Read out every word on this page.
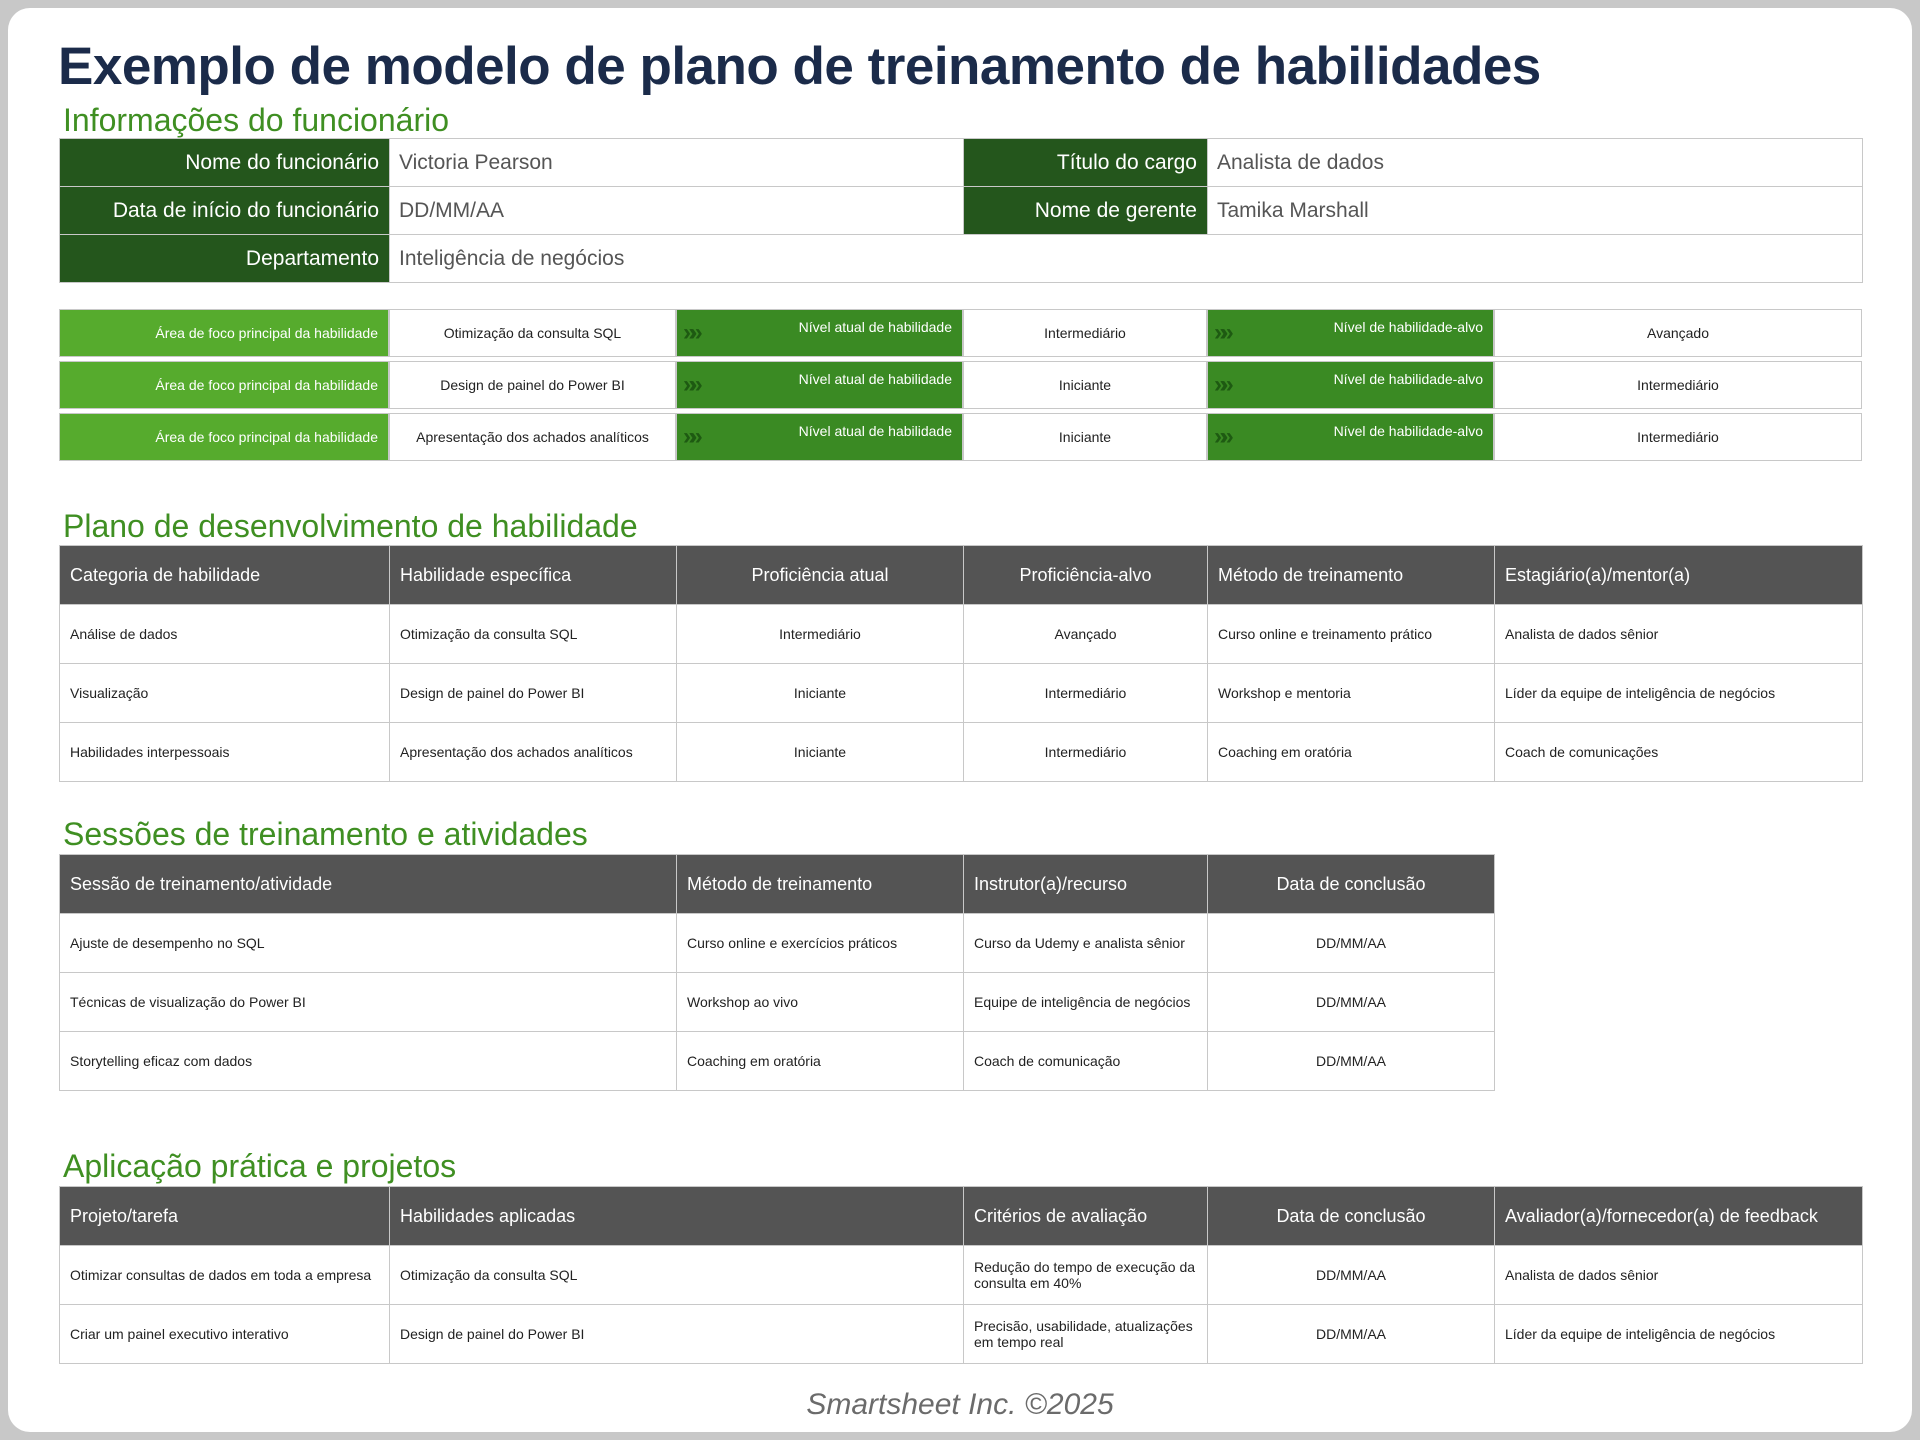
Exemplo de modelo de plano de treinamento de habilidades
Informações do funcionário
Nome do funcionário	Victoria Pearson	Título do cargo	Analista de dados
Data de início do funcionário	DD/MM/AA	Nome de gerente	Tamika Marshall
Departamento	Inteligência de negócios		
Área de foco principal da habilidade	Otimização da consulta SQL	»» Nível atual de habilidade	Intermediário	»» Nível de habilidade-alvo	Avançado
Área de foco principal da habilidade	Design de painel do Power BI	»» Nível atual de habilidade	Iniciante	»» Nível de habilidade-alvo	Intermediário
Área de foco principal da habilidade	Apresentação dos achados analíticos	»» Nível atual de habilidade	Iniciante	»» Nível de habilidade-alvo	Intermediário
Plano de desenvolvimento de habilidade
Categoria de habilidade	Habilidade específica	Proficiência atual	Proficiência-alvo	Método de treinamento	Estagiário(a)/mentor(a)
Análise de dados	Otimização da consulta SQL	Intermediário	Avançado	Curso online e treinamento prático	Analista de dados sênior
Visualização	Design de painel do Power BI	Iniciante	Intermediário	Workshop e mentoria	Líder da equipe de inteligência de negócios
Habilidades interpessoais	Apresentação dos achados analíticos	Iniciante	Intermediário	Coaching em oratória	Coach de comunicações
Sessões de treinamento e atividades
Sessão de treinamento/atividade	Método de treinamento	Instrutor(a)/recurso	Data de conclusão
Ajuste de desempenho no SQL	Curso online e exercícios práticos	Curso da Udemy e analista sênior	DD/MM/AA
Técnicas de visualização do Power BI	Workshop ao vivo	Equipe de inteligência de negócios	DD/MM/AA
Storytelling eficaz com dados	Coaching em oratória	Coach de comunicação	DD/MM/AA
Aplicação prática e projetos
Projeto/tarefa	Habilidades aplicadas	Critérios de avaliação	Data de conclusão	Avaliador(a)/fornecedor(a) de feedback
Otimizar consultas de dados em toda a empresa	Otimização da consulta SQL	Redução do tempo de execução da consulta em 40%	DD/MM/AA	Analista de dados sênior
Criar um painel executivo interativo	Design de painel do Power BI	Precisão, usabilidade, atualizações em tempo real	DD/MM/AA	Líder da equipe de inteligência de negócios
Smartsheet Inc. ©2025
